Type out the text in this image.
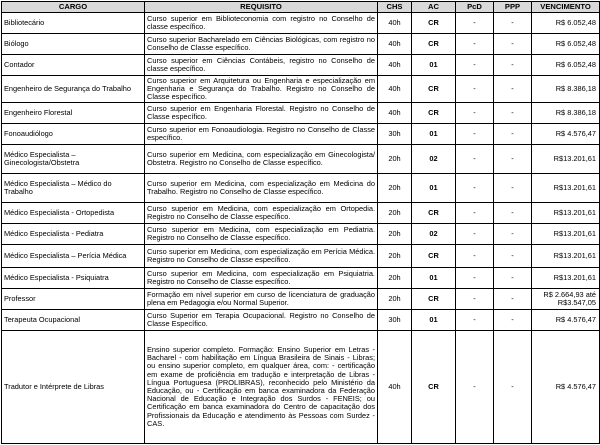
CARGO	REQUISITO	CHS	AC	PcD	PPP	VENCIMENTO
Bibliotecário	Curso superior em Biblioteconomia com registro no Conselho de classe específico.	40h	CR	-	-	R$ 6.052,48
Biólogo	Curso superior Bacharelado em Ciências Biológicas, com registro no Conselho de Classe específico.	40h	CR	-	-	R$ 6.052,48
Contador	Curso superior em Ciências Contábeis, registro no Conselho de classe específico.	40h	01	-	-	R$ 6.052,48
Engenheiro de Segurança do Trabalho	Curso superior em Arquitetura ou Engenharia e especialização em Engenharia e Segurança do Trabalho. Registro no Conselho de Classe específico.	40h	CR	-	-	R$ 8.386,18
Engenheiro Florestal	Curso superior em Engenharia Florestal. Registro no Conselho de Classe específico.	40h	CR	-	-	R$ 8.386,18
Fonoaudiólogo	Curso superior em Fonoaudiologia. Registro no Conselho de Classe específico.	30h	01	-	-	R$ 4.576,47
Médico Especialista – Ginecologista/Obstetra	Curso superior em Medicina, com especialização em Ginecologista/ Obstetra. Registro no Conselho de Classe específico.	20h	02	-	-	R$13.201,61
Médico Especialista – Médico do Trabalho	Curso superior em Medicina, com especialização em Medicina do Trabalho. Registro no Conselho de Classe específico.	20h	01	-	-	R$13.201,61
Médico Especialista - Ortopedista	Curso superior em Medicina, com especialização em Ortopedia. Registro no Conselho de Classe específico.	20h	CR	-	-	R$13.201,61
Médico Especialista - Pediatra	Curso superior em Medicina, com especialização em Pediatria. Registro no Conselho de Classe específico.	20h	02	-	-	R$13.201,61
Médico Especialista – Perícia Médica	Curso superior em Medicina, com especialização em Perícia Médica. Registro no Conselho de Classe específico.	20h	CR	-	-	R$13.201,61
Médico Especialista - Psiquiatra	Curso superior em Medicina, com especialização em Psiquiatria. Registro no Conselho de Classe específico.	20h	01	-	-	R$13.201,61
Professor	Formação em nível superior em curso de licenciatura de graduação plena em Pedagogia e/ou Normal Superior.	20h	CR	-	-	R$ 2.664,93 até R$3.547,05
Terapeuta Ocupacional	Curso Superior em Terapia Ocupacional. Registro no Conselho de Classe Específico.	30h	01	-	-	R$ 4.576,47
Tradutor e Intérprete de Libras	Ensino superior completo. Formação: Ensino Superior em Letras - Bacharel - com habilitação em Língua Brasileira de Sinais - Libras; ou ensino superior completo, em qualquer área, com: - certificação em exame de proficiência em tradução e interpretação de Libras - Língua Portuguesa (PROLIBRAS), reconhecido pelo Ministério da Educação, ou - Certificação em banca examinadora da Federação Nacional de Educação e Integração dos Surdos - FENEIS; ou Certificação em banca examinadora do Centro de capacitação dos Profissionais da Educação e atendimento às Pessoas com Surdez - CAS.	40h	CR	-	-	R$ 4.576,47
